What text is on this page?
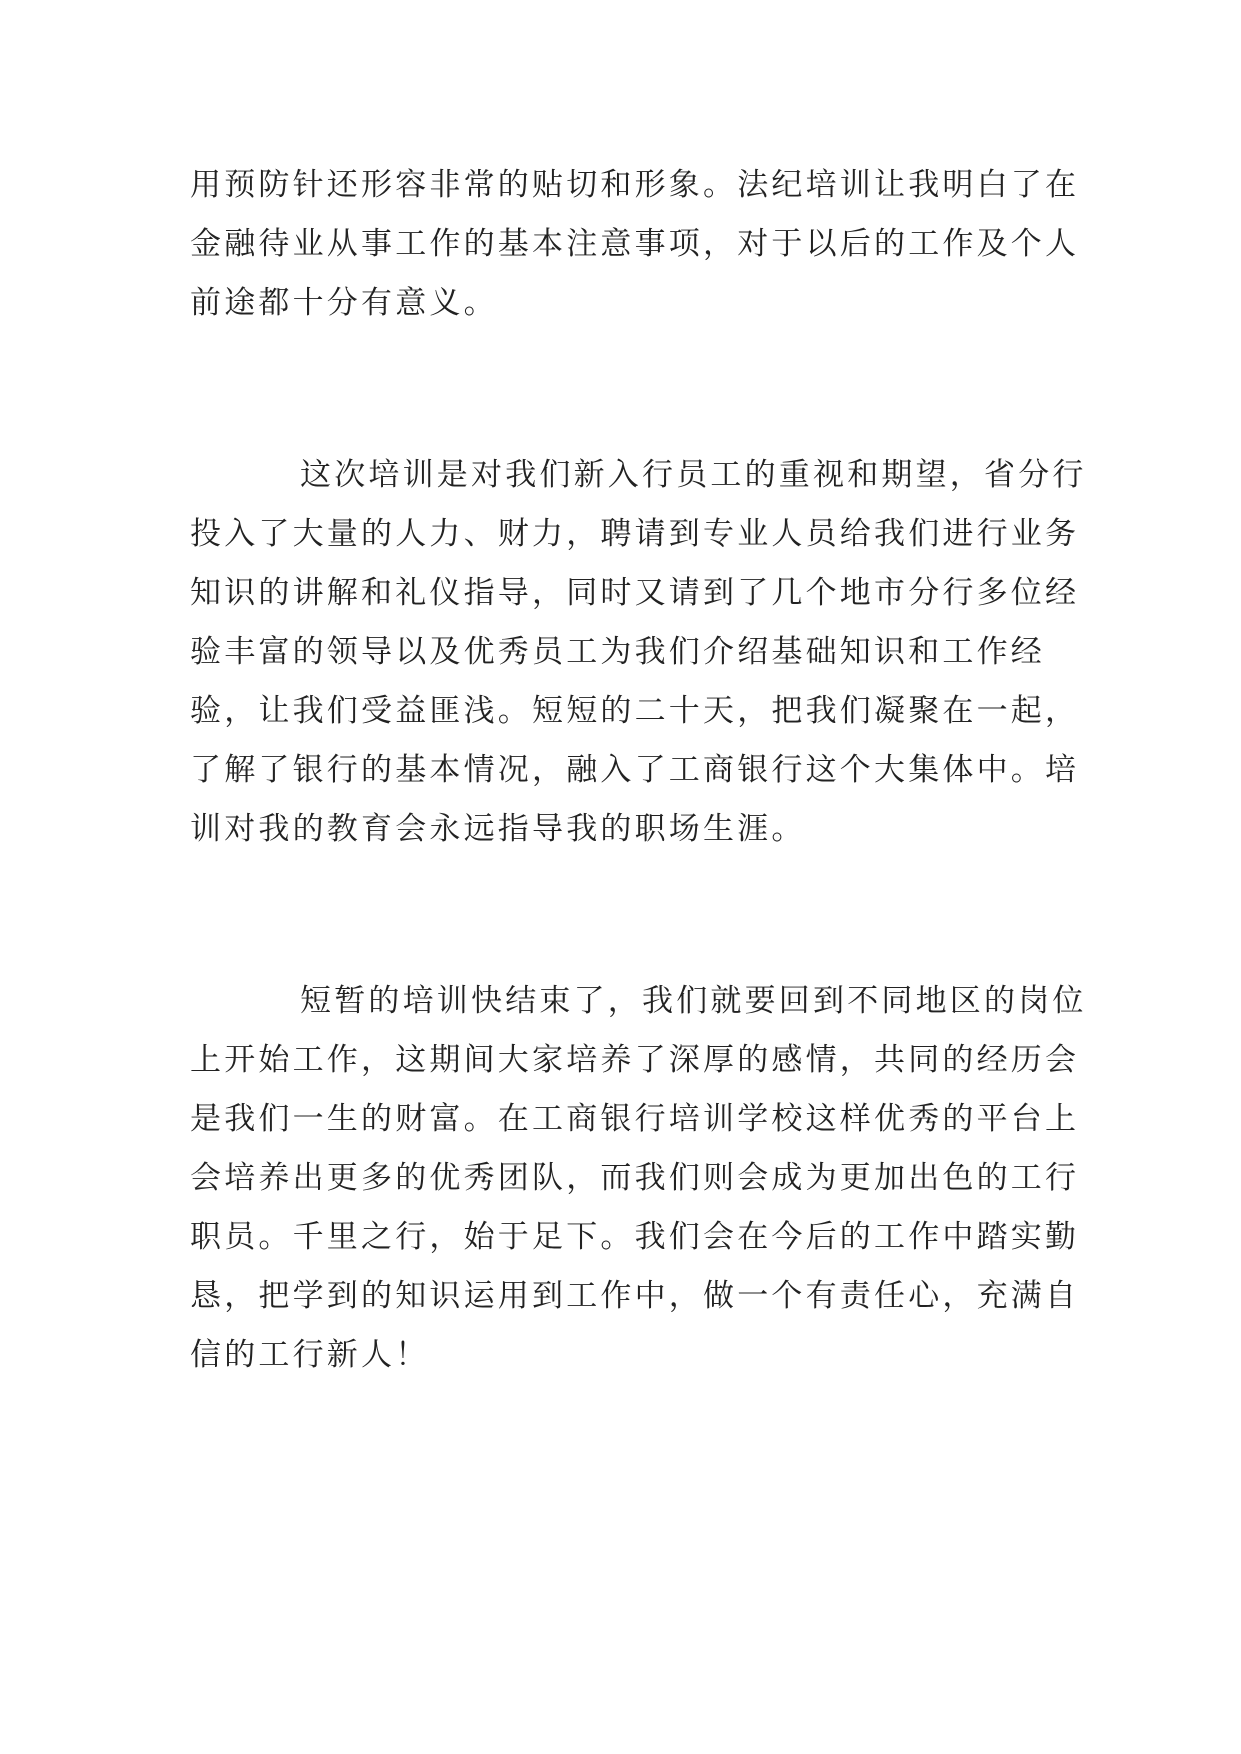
用预防针还形容非常的贴切和形象。法纪培训让我明白了在
金融待业从事工作的基本注意事项，对于以后的工作及个人
前途都十分有意义。
这次培训是对我们新入行员工的重视和期望，省分行
投入了大量的人力、财力，聘请到专业人员给我们进行业务
知识的讲解和礼仪指导，同时又请到了几个地市分行多位经
验丰富的领导以及优秀员工为我们介绍基础知识和工作经
验，让我们受益匪浅。短短的二十天，把我们凝聚在一起，
了解了银行的基本情况，融入了工商银行这个大集体中。培
训对我的教育会永远指导我的职场生涯。
短暂的培训快结束了，我们就要回到不同地区的岗位
上开始工作，这期间大家培养了深厚的感情，共同的经历会
是我们一生的财富。在工商银行培训学校这样优秀的平台上
会培养出更多的优秀团队，而我们则会成为更加出色的工行
职员。千里之行，始于足下。我们会在今后的工作中踏实勤
恳，把学到的知识运用到工作中，做一个有责任心，充满自
信的工行新人！
